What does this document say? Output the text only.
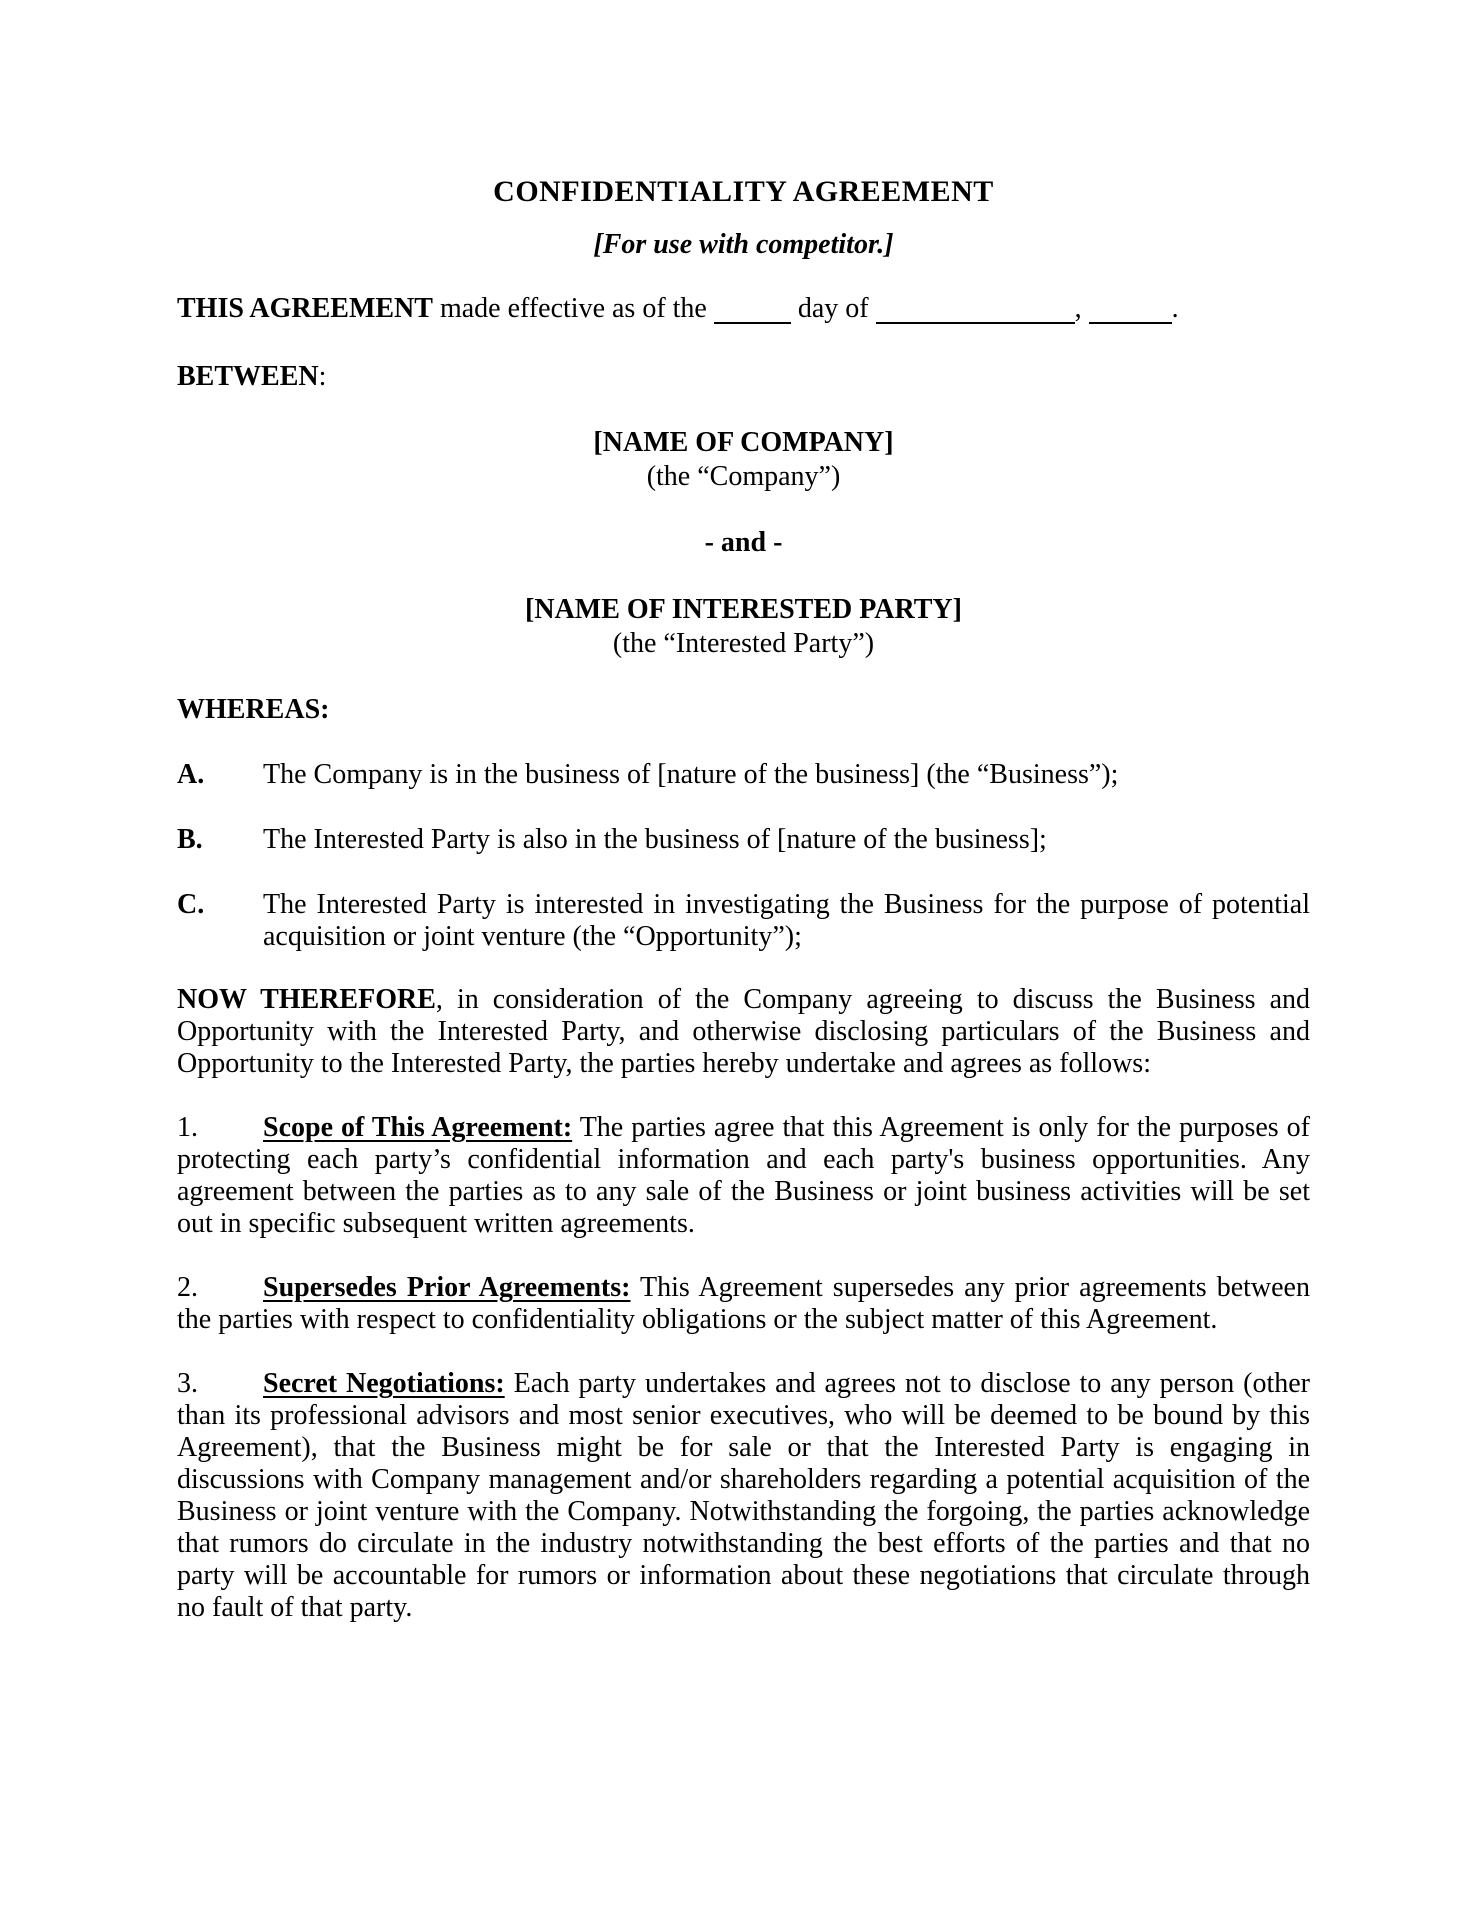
CONFIDENTIALITY AGREEMENT
[For use with competitor.]

THIS AGREEMENT made effective as of the	day of	,	.

BETWEEN:

[NAME OF COMPANY]
(the “Company”)
- and -
[NAME OF INTERESTED PARTY]
(the “Interested Party”)

WHEREAS:

A. The Company is in the business of [nature of the business] (the “Business”);
B. The Interested Party is also in the business of [nature of the business];
C. The Interested Party is interested in investigating the Business for the purpose of potential acquisition or joint venture (the “Opportunity”);

NOW THEREFORE, in consideration of the Company agreeing to discuss the Business and Opportunity with the Interested Party, and otherwise disclosing particulars of the Business and Opportunity to the Interested Party, the parties hereby undertake and agrees as follows:

1. Scope of This Agreement: The parties agree that this Agreement is only for the purposes of protecting each party’s confidential information and each party's business opportunities. Any agreement between the parties as to any sale of the Business or joint business activities will be set out in specific subsequent written agreements.

2. Supersedes Prior Agreements: This Agreement supersedes any prior agreements between the parties with respect to confidentiality obligations or the subject matter of this Agreement.

3. Secret Negotiations: Each party undertakes and agrees not to disclose to any person (other than its professional advisors and most senior executives, who will be deemed to be bound by this Agreement), that the Business might be for sale or that the Interested Party is engaging in discussions with Company management and/or shareholders regarding a potential acquisition of the Business or joint venture with the Company. Notwithstanding the forgoing, the parties acknowledge that rumors do circulate in the industry notwithstanding the best efforts of the parties and that no party will be accountable for rumors or information about these negotiations that circulate through no fault of that party.
